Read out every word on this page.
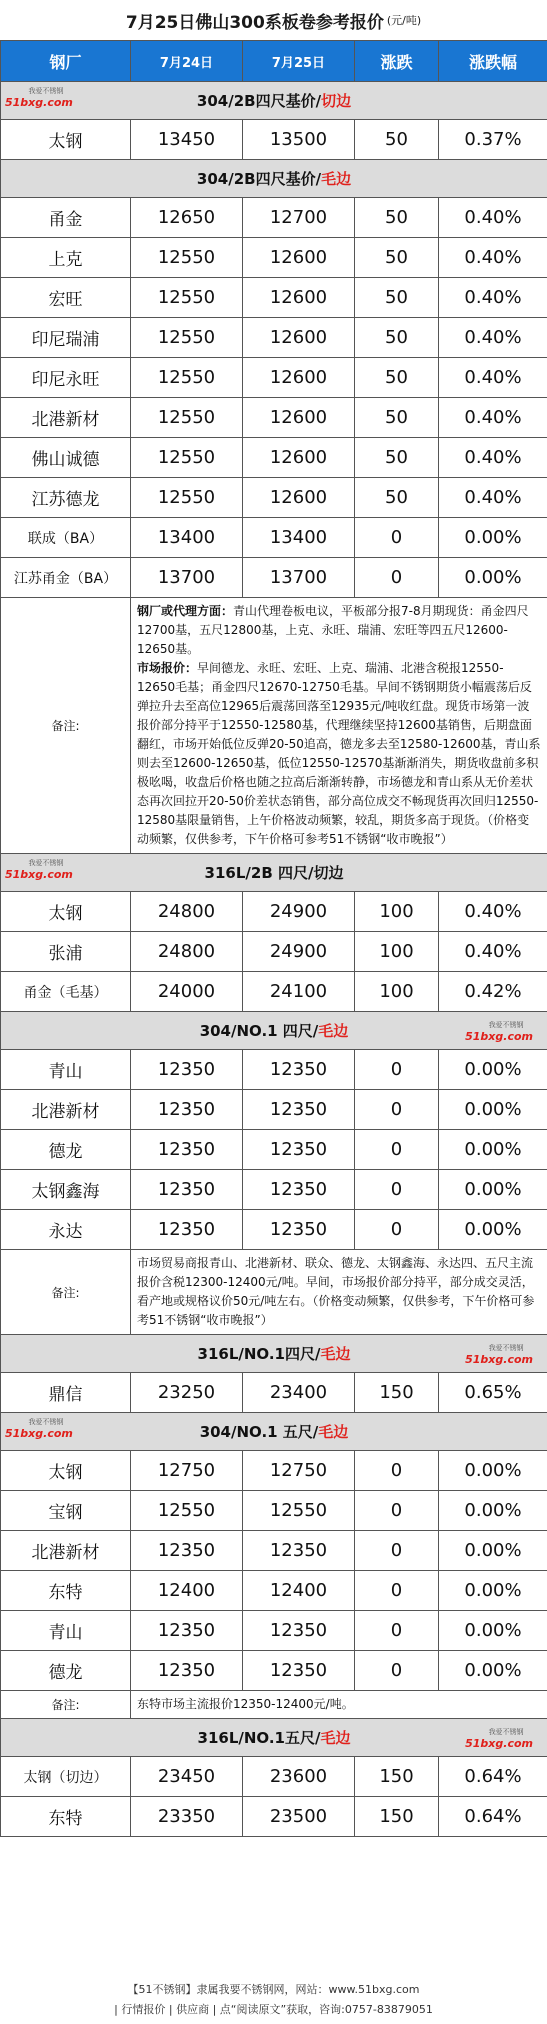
7月25日佛山300系板卷参考报价 (元/吨)
钢厂	7月24日	7月25日	涨跌	涨跌幅
304/2B四尺基价/切边
我爱不锈钢
51bxg.com				

太钢	13450	13500	50	0.37%
304/2B四尺基价/毛边				
甬金	12650	12700	50	0.40%
上克	12550	12600	50	0.40%
宏旺	12550	12600	50	0.40%
印尼瑞浦	12550	12600	50	0.40%
印尼永旺	12550	12600	50	0.40%
北港新材	12550	12600	50	0.40%
佛山诚德	12550	12600	50	0.40%
江苏德龙	12550	12600	50	0.40%
联成（BA）	13400	13400	0	0.00%
江苏甬金（BA）	13700	13700	0	0.00%
备注:	钢厂或代理方面：青山代理卷板电议，平板部分报7-8月期现货：甬金四尺12700基，五尺12800基，上克、永旺、瑞浦、宏旺等四五尺12600-12650基。
市场报价：早间德龙、永旺、宏旺、上克、瑞浦、北港含税报12550-12650毛基；甬金四尺12670-12750毛基。早间不锈钢期货小幅震荡后反弹拉升去至高位12965后震荡回落至12935元/吨收红盘。现货市场第一波报价部分持平于12550-12580基，代理继续坚持12600基销售，后期盘面翻红，市场开始低位反弹20-50追高，德龙多去至12580-12600基，青山系则去至12600-12650基，低位12550-12570基渐渐消失，期货收盘前多积极吆喝，收盘后价格也随之拉高后渐渐转静，市场德龙和青山系从无价差状态再次回拉开20-50价差状态销售，部分高位成交不畅现货再次回归12550-12580基限量销售，上午价格波动频繁，较乱，期货多高于现货。（价格变动频繁，仅供参考，下午价格可参考51不锈钢“收市晚报”）			
316L/2B 四尺/切边
我爱不锈钢
51bxg.com				

太钢	24800	24900	100	0.40%
张浦	24800	24900	100	0.40%
甬金（毛基）	24000	24100	100	0.42%
304/NO.1 四尺/毛边 我爱不锈钢
51bxg.com				

青山	12350	12350	0	0.00%
北港新材	12350	12350	0	0.00%
德龙	12350	12350	0	0.00%
太钢鑫海	12350	12350	0	0.00%
永达	12350	12350	0	0.00%
备注:	市场贸易商报青山、北港新材、联众、德龙、太钢鑫海、永达四、五尺主流报价含税12300-12400元/吨。早间，市场报价部分持平，部分成交灵活，看产地或规格议价50元/吨左右。（价格变动频繁，仅供参考，下午价格可参考51不锈钢“收市晚报”）			
316L/NO.1四尺/毛边 我爱不锈钢
51bxg.com				

鼎信	23250	23400	150	0.65%
304/NO.1 五尺/毛边
我爱不锈钢
51bxg.com				

太钢	12750	12750	0	0.00%
宝钢	12550	12550	0	0.00%
北港新材	12350	12350	0	0.00%
东特	12400	12400	0	0.00%
青山	12350	12350	0	0.00%
德龙	12350	12350	0	0.00%
备注:	东特市场主流报价12350-12400元/吨。			
316L/NO.1五尺/毛边 我爱不锈钢
51bxg.com				

太钢（切边）	23450	23600	150	0.64%
东特	23350	23500	150	0.64%
【51不锈钢】隶属我要不锈钢网，网站：www.51bxg.com
| 行情报价 | 供应商 | 点“阅读原文”获取，咨询:0757-83879051
